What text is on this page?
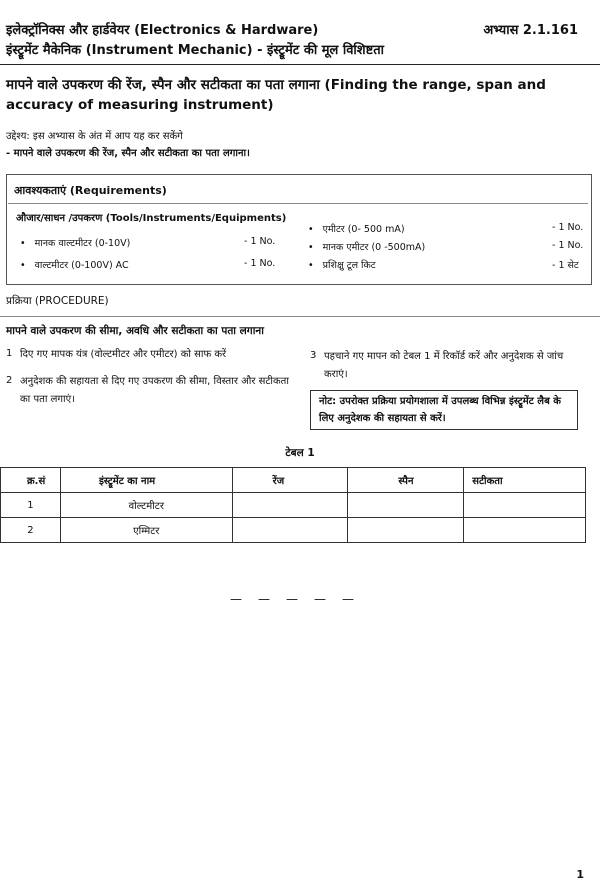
इलेक्ट्रॉनिक्स और हार्डवेयर (Electronics & Hardware)	अभ्यास 2.1.161
इंस्ट्रूमेंट मैकेनिक (Instrument Mechanic) - इंस्ट्रूमेंट की मूल विशिष्टता
मापने वाले उपकरण की रेंज, स्पैन और सटीकता का पता लगाना (Finding the range, span and accuracy of measuring instrument)
उद्देश्य: इस अभ्यास के अंत में आप यह कर सकेंगे
- मापने वाले उपकरण की रेंज, स्पैन और सटीकता का पता लगाना।
आवश्यकताएं (Requirements)
औजार/साधन /उपकरण (Tools/Instruments/Equipments)
• मानक वाल्टमीटर (0-10V)	- 1 No.
• वाल्टमीटर (0-100V) AC	- 1 No.
• एमीटर (0- 500 mA)	- 1 No.
• मानक एमीटर (0 -500mA)	- 1 No.
• प्रशिक्षु टूल किट	- 1 सेट
प्रक्रिया (PROCEDURE)
मापने वाले उपकरण की सीमा, अवधि और सटीकता का पता लगाना
1 दिए गए मापक यंत्र (वोल्टमीटर और एमीटर) को साफ करें
2 अनुदेशक की सहायता से दिए गए उपकरण की सीमा, विस्तार और सटीकता का पता लगाएं।
3 पहचाने गए मापन को टेबल 1 में रिकॉर्ड करें और अनुदेशक से जांच कराएं।
नोट: उपरोक्त प्रक्रिया प्रयोगशाला में उपलब्ध विभिन्न इंस्ट्रूमेंट लैब के लिए अनुदेशक की सहायता से करें।
टेबल 1
क्र.सं	इंस्ट्रूमेंट का नाम	रेंज	स्पैन	सटीकता
1	वोल्टमीटर			
2	एम्मिटर			
— — — — —
1
